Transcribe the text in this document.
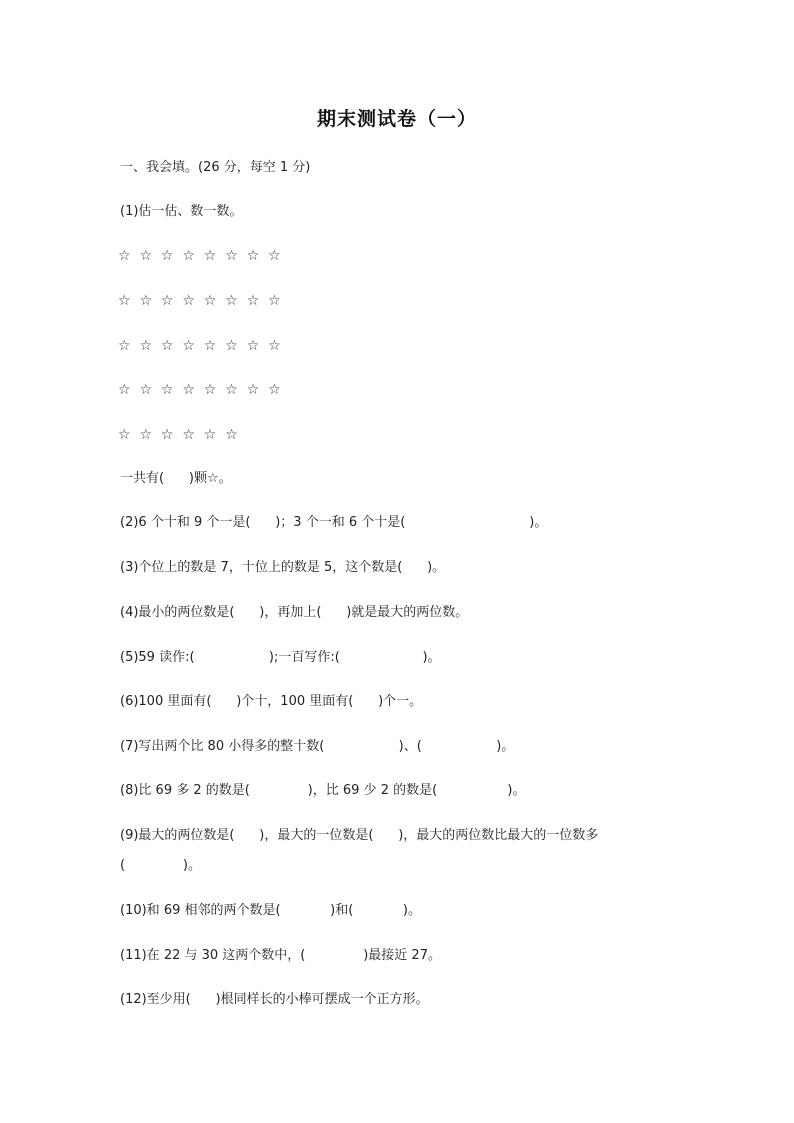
期末测试卷（一）
一、我会填。(26 分，每空 1 分)
(1)估一估、数一数。
☆  ☆  ☆  ☆  ☆  ☆  ☆  ☆
☆  ☆  ☆  ☆  ☆  ☆  ☆  ☆
☆  ☆  ☆  ☆  ☆  ☆  ☆  ☆
☆  ☆  ☆  ☆  ☆  ☆  ☆  ☆
☆  ☆  ☆  ☆  ☆  ☆
一共有(      )颗☆。
(2)6 个十和 9 个一是(      )；3 个一和 6 个十是(                              )。
(3)个位上的数是 7，十位上的数是 5，这个数是(      )。
(4)最小的两位数是(      )，再加上(      )就是最大的两位数。
(5)59 读作:(                  );一百写作:(                    )。
(6)100 里面有(      )个十，100 里面有(      )个一。
(7)写出两个比 80 小得多的整十数(                  )、(                  )。
(8)比 69 多 2 的数是(              )，比 69 少 2 的数是(                 )。
(9)最大的两位数是(      )，最大的一位数是(      )，最大的两位数比最大的一位数多
(              )。
(10)和 69 相邻的两个数是(            )和(            )。
(11)在 22 与 30 这两个数中，(              )最接近 27。
(12)至少用(      )根同样长的小棒可摆成一个正方形。
